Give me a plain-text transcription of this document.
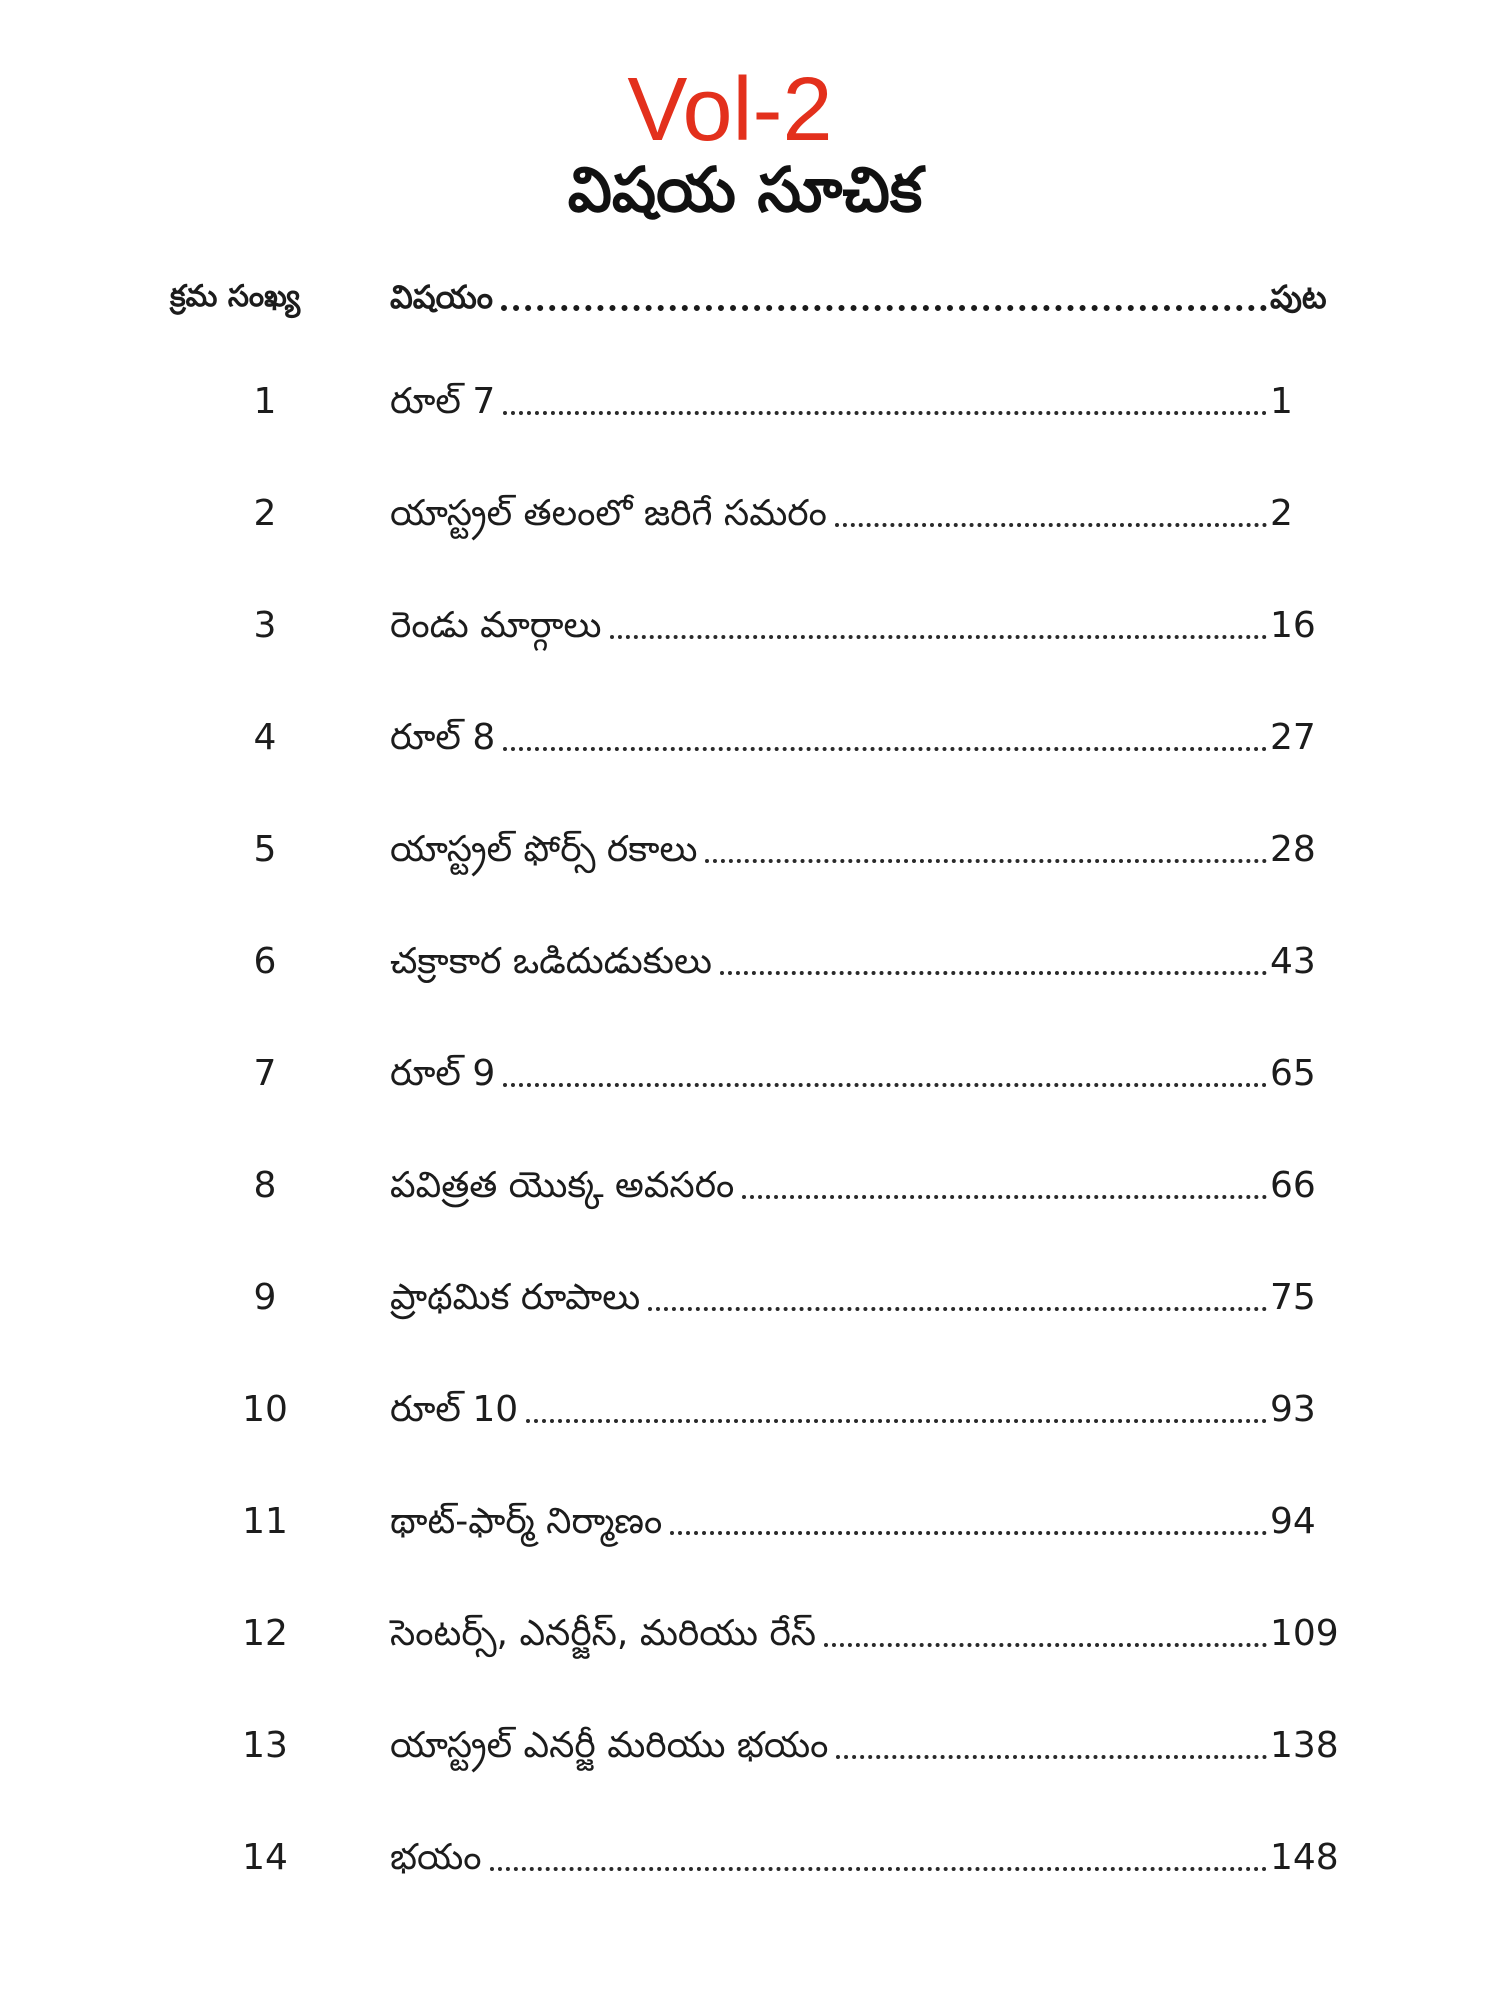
Vol-2
విషయ సూచిక
క్రమ సంఖ్య	విషయం	పుట
1	రూల్ 7	1
2	యాస్ట్రల్ తలంలో జరిగే సమరం	2
3	రెండు మార్గాలు	16
4	రూల్ 8	27
5	యాస్ట్రల్ ఫోర్స్ రకాలు	28
6	చక్రాకార ఒడిదుడుకులు	43
7	రూల్ 9	65
8	పవిత్రత యొక్క అవసరం	66
9	ప్రాథమిక రూపాలు	75
10	రూల్ 10	93
11	థాట్-ఫార్మ్ నిర్మాణం	94
12	సెంటర్స్, ఎనర్జీస్, మరియు రేస్	109
13	యాస్ట్రల్ ఎనర్జీ మరియు భయం	138
14	భయం	148
